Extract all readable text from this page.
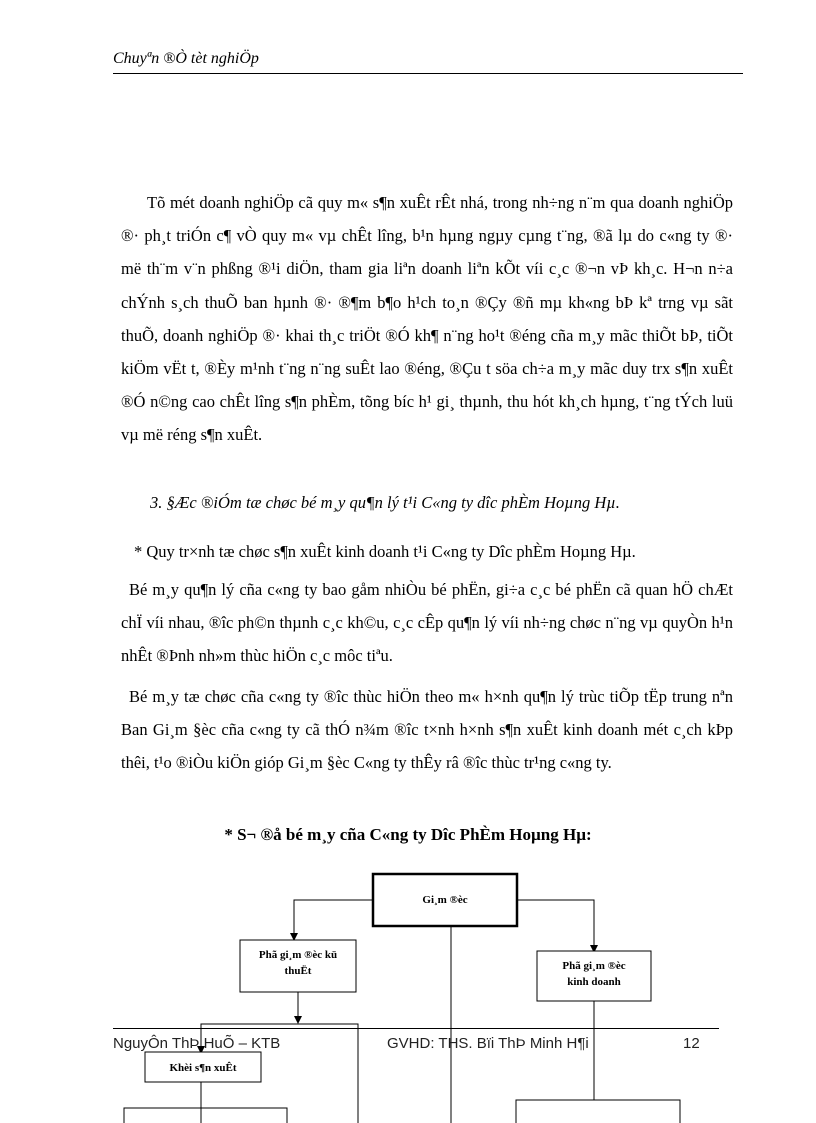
Chuyªn ®Ò tèt nghiÖp

Tõ mét doanh nghiÖp cã quy m« s¶n xuÊt rÊt nhá, trong nh÷ng n¨m qua doanh nghiÖp ®· ph¸t triÓn c¶ vÒ quy m« vµ chÊt lîng, b¹n hµng ngµy cµng t¨ng, ®ã lµ do c«ng ty ®· më th¨m v¨n phßng ®¹i diÖn, tham gia liªn doanh liªn kÕt víi c¸c ®¬n vÞ kh¸c. H¬n n÷a chÝnh s¸ch thuÕ ban hµnh ®· ®¶m b¶o h¹ch to¸n ®Çy ®ñ mµ kh«ng bÞ kª trng vµ sãt thuÕ, doanh nghiÖp ®· khai th¸c triÖt ®Ó kh¶ n¨ng ho¹t ®éng cña m¸y mãc thiÕt bÞ, tiÕt kiÖm vËt t, ®Èy m¹nh t¨ng n¨ng suÊt lao ®éng, ®Çu t söa ch÷a m¸y mãc duy trx s¶n xuÊt ®Ó n©ng cao chÊt lîng s¶n phÈm, tõng bíc h¹ gi¸ thµnh, thu hót kh¸ch hµng, t¨ng tÝch luü vµ më réng s¶n xuÊt.

3. §Æc ®iÓm tæ chøc bé m¸y qu¶n lý t¹i C«ng ty dîc phÈm Hoµng Hµ.

* Quy tr×nh tæ chøc s¶n xuÊt kinh doanh t¹i C«ng ty Dîc phÈm Hoµng Hµ.

Bé m¸y qu¶n lý cña c«ng ty bao gåm nhiÒu bé phËn, gi÷a c¸c bé phËn cã quan hÖ chÆt chÏ víi nhau, ®îc ph©n thµnh c¸c kh©u, c¸c cÊp qu¶n lý víi nh÷ng chøc n¨ng vµ quyÒn h¹n nhÊt ®Þnh nh»m thùc hiÖn c¸c môc tiªu.

Bé m¸y tæ chøc cña c«ng ty ®îc thùc hiÖn theo m« h×nh qu¶n lý trùc tiÕp tËp trung nªn Ban Gi¸m §èc cña c«ng ty cã thÓ n¾m ®îc t×nh h×nh s¶n xuÊt kinh doanh mét c¸ch kÞp thêi, t¹o ®iÒu kiÖn gióp Gi¸m §èc C«ng ty thÊy râ ®îc thùc tr¹ng c«ng ty.

* S¬ ®å bé m¸y cña C«ng ty Dîc PhÈm Hoµng Hµ:
Gi¸m ®èc
Phã gi¸m ®èc kü
thuËt	Phã gi¸m ®èc
kinh doanh
Khèi s¶n xuÊt
NguyÔn ThÞ HuÕ – KTB	GVHD: THS. Bïi ThÞ Minh H¶i	12
